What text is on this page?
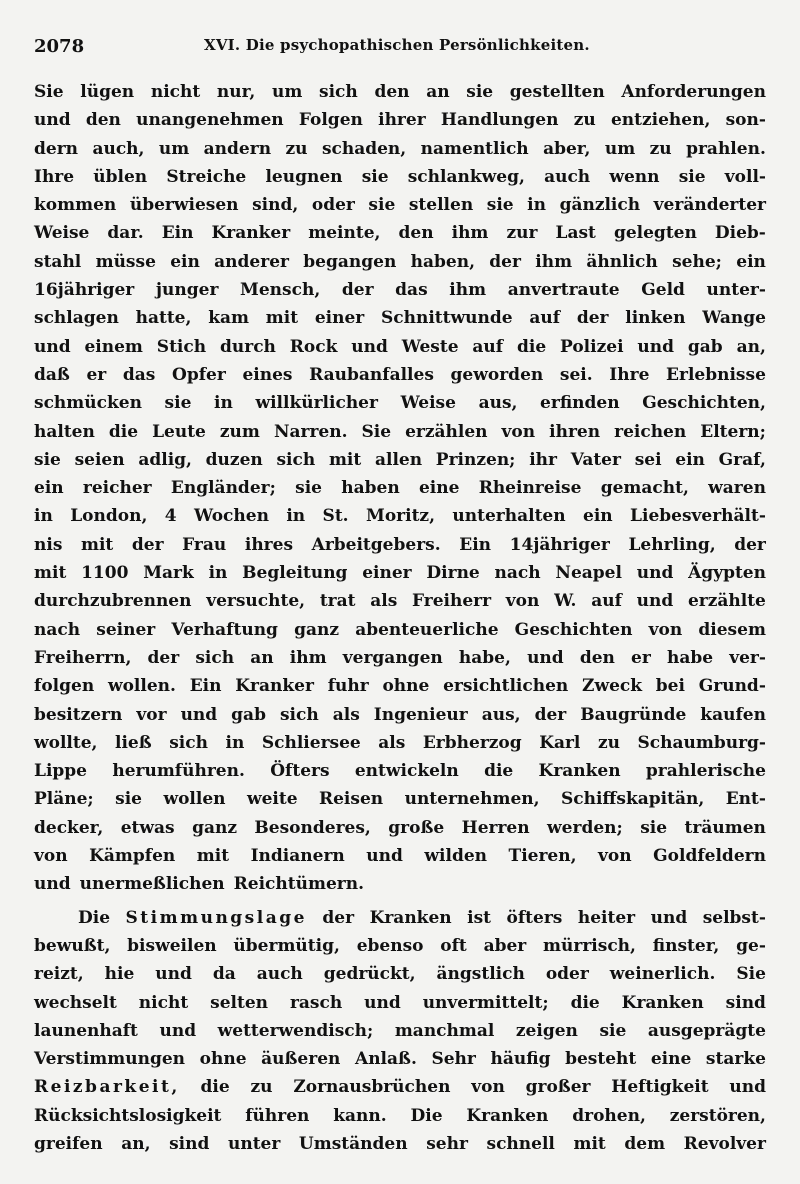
2078	XVI. Die psychopathischen Persönlichkeiten.
Sie lügen nicht nur, um sich den an sie gestellten Anforderungen
und den unangenehmen Folgen ihrer Handlungen zu entziehen, son-
dern auch, um andern zu schaden, namentlich aber, um zu prahlen.
Ihre üblen Streiche leugnen sie schlankweg, auch wenn sie voll-
kommen überwiesen sind, oder sie stellen sie in gänzlich veränderter
Weise dar. Ein Kranker meinte, den ihm zur Last gelegten Dieb-
stahl müsse ein anderer begangen haben, der ihm ähnlich sehe; ein
16jähriger junger Mensch, der das ihm anvertraute Geld unter-
schlagen hatte, kam mit einer Schnittwunde auf der linken Wange
und einem Stich durch Rock und Weste auf die Polizei und gab an,
daß er das Opfer eines Raubanfalles geworden sei. Ihre Erlebnisse
schmücken sie in willkürlicher Weise aus, erfinden Geschichten,
halten die Leute zum Narren. Sie erzählen von ihren reichen Eltern;
sie seien adlig, duzen sich mit allen Prinzen; ihr Vater sei ein Graf,
ein reicher Engländer; sie haben eine Rheinreise gemacht, waren
in London, 4 Wochen in St. Moritz, unterhalten ein Liebesverhält-
nis mit der Frau ihres Arbeitgebers. Ein 14jähriger Lehrling, der
mit 1100 Mark in Begleitung einer Dirne nach Neapel und Ägypten
durchzubrennen versuchte, trat als Freiherr von W. auf und erzählte
nach seiner Verhaftung ganz abenteuerliche Geschichten von diesem
Freiherrn, der sich an ihm vergangen habe, und den er habe ver-
folgen wollen. Ein Kranker fuhr ohne ersichtlichen Zweck bei Grund-
besitzern vor und gab sich als Ingenieur aus, der Baugründe kaufen
wollte, ließ sich in Schliersee als Erbherzog Karl zu Schaumburg-
Lippe herumführen. Öfters entwickeln die Kranken prahlerische
Pläne; sie wollen weite Reisen unternehmen, Schiffskapitän, Ent-
decker, etwas ganz Besonderes, große Herren werden; sie träumen
von Kämpfen mit Indianern und wilden Tieren, von Goldfeldern
und unermeßlichen Reichtümern.
Die Stimmungslage der Kranken ist öfters heiter und selbst-
bewußt, bisweilen übermütig, ebenso oft aber mürrisch, finster, ge-
reizt, hie und da auch gedrückt, ängstlich oder weinerlich. Sie
wechselt nicht selten rasch und unvermittelt; die Kranken sind
launenhaft und wetterwendisch; manchmal zeigen sie ausgeprägte
Verstimmungen ohne äußeren Anlaß. Sehr häufig besteht eine starke
Reizbarkeit, die zu Zornausbrüchen von großer Heftigkeit und
Rücksichtslosigkeit führen kann. Die Kranken drohen, zerstören,
greifen an, sind unter Umständen sehr schnell mit dem Revolver
